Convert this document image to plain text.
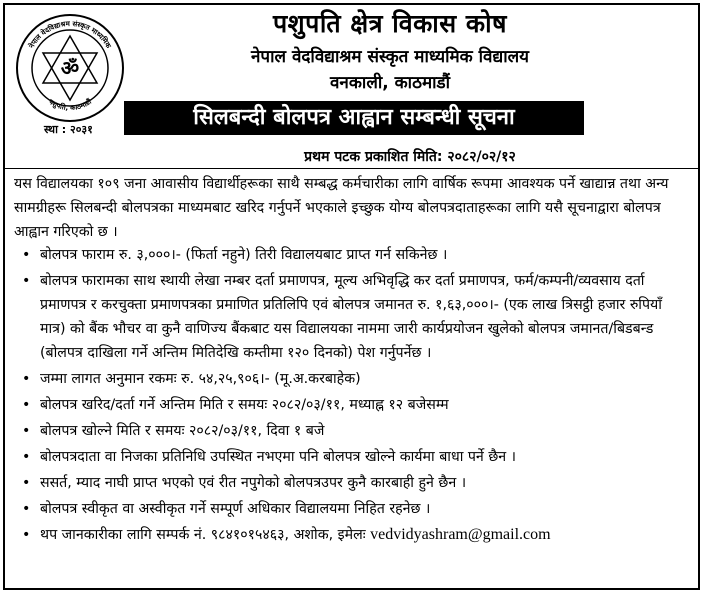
नेपाल वेदविद्याश्रम संस्कृत माध्यमिक
पशुपति, काठमाडौं
ॐ
स्था : २०३१
पशुपति क्षेत्र विकास कोष
नेपाल वेदविद्याश्रम संस्कृत माध्यमिक विद्यालय
वनकाली, काठमाडौं
सिलबन्दी बोलपत्र आह्वान सम्बन्धी सूचना
प्रथम पटक प्रकाशित मिति: २०८२/०२/१२
यस विद्यालयका १०९ जना आवासीय विद्यार्थीहरूका साथै सम्बद्ध कर्मचारीका लागि वार्षिक रूपमा आवश्यक पर्ने खाद्यान्न तथा अन्य सामग्रीहरू सिलबन्दी बोलपत्रका माध्यमबाट खरिद गर्नुपर्ने भएकाले इच्छुक योग्य बोलपत्रदाताहरूका लागि यसै सूचनाद्वारा बोलपत्र आह्वान गरिएको छ ।
• बोलपत्र फाराम रु. ३,०००।- (फिर्ता नहुने) तिरी विद्यालयबाट प्राप्त गर्न सकिनेछ ।
• बोलपत्र फारामका साथ स्थायी लेखा नम्बर दर्ता प्रमाणपत्र, मूल्य अभिवृद्धि कर दर्ता प्रमाणपत्र, फर्म/कम्पनी/व्यवसाय दर्ता प्रमाणपत्र र करचुक्ता प्रमाणपत्रका प्रमाणित प्रतिलिपि एवं बोलपत्र जमानत रु. १,६३,०००।- (एक लाख त्रिसट्ठी हजार रुपियाँ मात्र) को बैंक भौचर वा कुनै वाणिज्य बैंकबाट यस विद्यालयका नाममा जारी कार्यप्रयोजन खुलेको बोलपत्र जमानत/बिडबन्ड (बोलपत्र दाखिला गर्ने अन्तिम मितिदेखि कम्तीमा १२० दिनको) पेश गर्नुपर्नेछ ।
• जम्मा लागत अनुमान रकमः रु. ५४,२५,९०६।- (मू.अ.करबाहेक)
• बोलपत्र खरिद/दर्ता गर्ने अन्तिम मिति र समयः २०८२/०३/११, मध्याह्न १२ बजेसम्म
• बोलपत्र खोल्ने मिति र समयः २०८२/०३/११, दिवा १ बजे
• बोलपत्रदाता वा निजका प्रतिनिधि उपस्थित नभएमा पनि बोलपत्र खोल्ने कार्यमा बाधा पर्ने छैन ।
• ससर्त, म्याद नाघी प्राप्त भएको एवं रीत नपुगेको बोलपत्रउपर कुनै कारबाही हुने छैन ।
• बोलपत्र स्वीकृत वा अस्वीकृत गर्ने सम्पूर्ण अधिकार विद्यालयमा निहित रहनेछ ।
• थप जानकारीका लागि सम्पर्क नं. ९८४१०१५४६३, अशोक, इमेलः vedvidyashram@gmail.com
